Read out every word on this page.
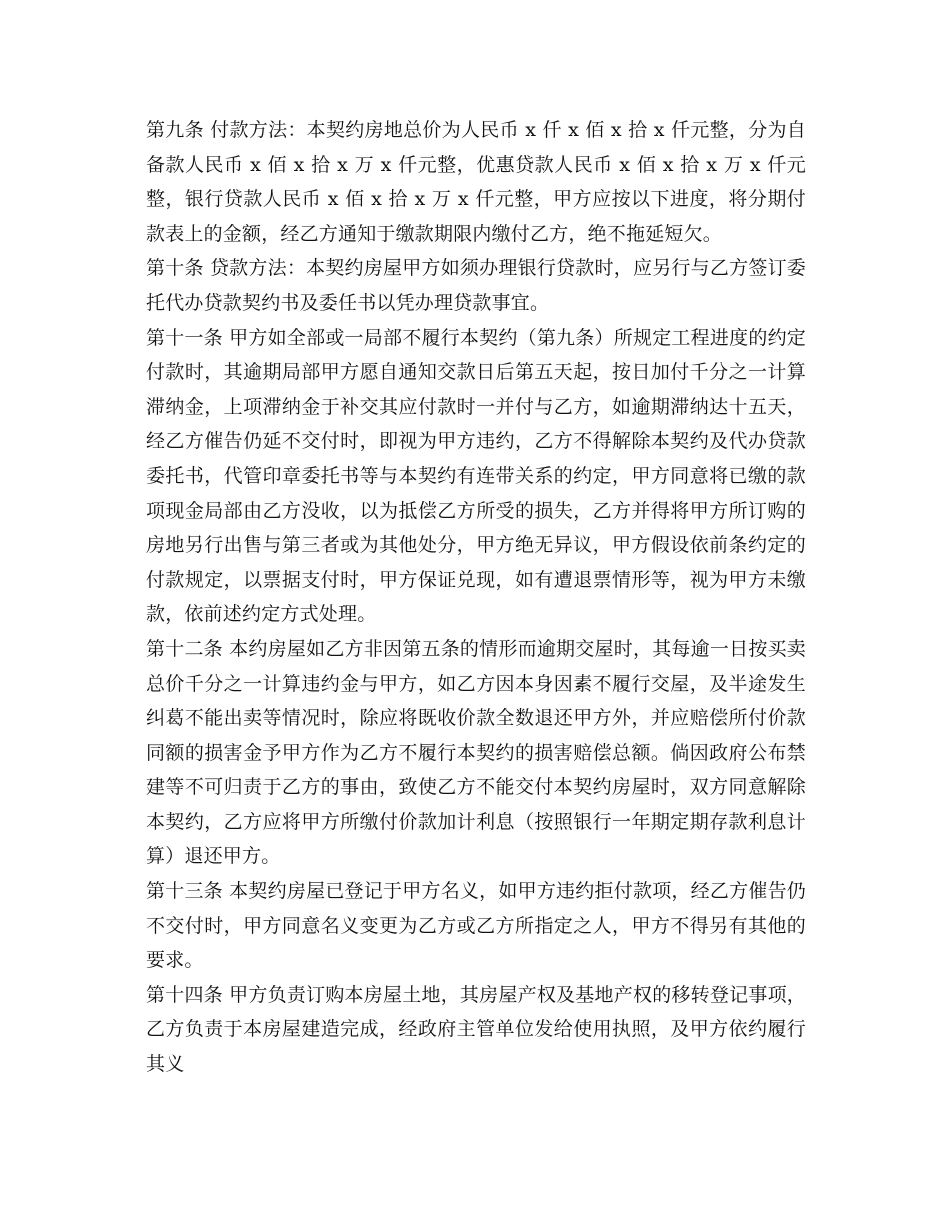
第九条 付款方法：本契约房地总价为人民币 x 仟 x 佰 x 拾 x 仟元整，分为自备款人民币 x 佰 x 拾 x 万 x 仟元整，优惠贷款人民币 x 佰 x 拾 x 万 x 仟元整，银行贷款人民币 x 佰 x 拾 x 万 x 仟元整，甲方应按以下进度，将分期付款表上的金额，经乙方通知于缴款期限内缴付乙方，绝不拖延短欠。

第十条 贷款方法：本契约房屋甲方如须办理银行贷款时，应另行与乙方签订委托代办贷款契约书及委任书以凭办理贷款事宜。

第十一条 甲方如全部或一局部不履行本契约（第九条）所规定工程进度的约定付款时，其逾期局部甲方愿自通知交款日后第五天起，按日加付千分之一计算滞纳金，上项滞纳金于补交其应付款时一并付与乙方，如逾期滞纳达十五天，经乙方催告仍延不交付时，即视为甲方违约，乙方不得解除本契约及代办贷款委托书，代管印章委托书等与本契约有连带关系的约定，甲方同意将已缴的款项现金局部由乙方没收，以为抵偿乙方所受的损失，乙方并得将甲方所订购的房地另行出售与第三者或为其他处分，甲方绝无异议，甲方假设依前条约定的付款规定，以票据支付时，甲方保证兑现，如有遭退票情形等，视为甲方未缴款，依前述约定方式处理。

第十二条 本约房屋如乙方非因第五条的情形而逾期交屋时，其每逾一日按买卖总价千分之一计算违约金与甲方，如乙方因本身因素不履行交屋，及半途发生纠葛不能出卖等情况时，除应将既收价款全数退还甲方外，并应赔偿所付价款同额的损害金予甲方作为乙方不履行本契约的损害赔偿总额。倘因政府公布禁建等不可归责于乙方的事由，致使乙方不能交付本契约房屋时，双方同意解除本契约，乙方应将甲方所缴付价款加计利息（按照银行一年期定期存款利息计算）退还甲方。

第十三条 本契约房屋已登记于甲方名义，如甲方违约拒付款项，经乙方催告仍不交付时，甲方同意名义变更为乙方或乙方所指定之人，甲方不得另有其他的要求。

第十四条 甲方负责订购本房屋土地，其房屋产权及基地产权的移转登记事项，乙方负责于本房屋建造完成，经政府主管单位发给使用执照，及甲方依约履行其义
